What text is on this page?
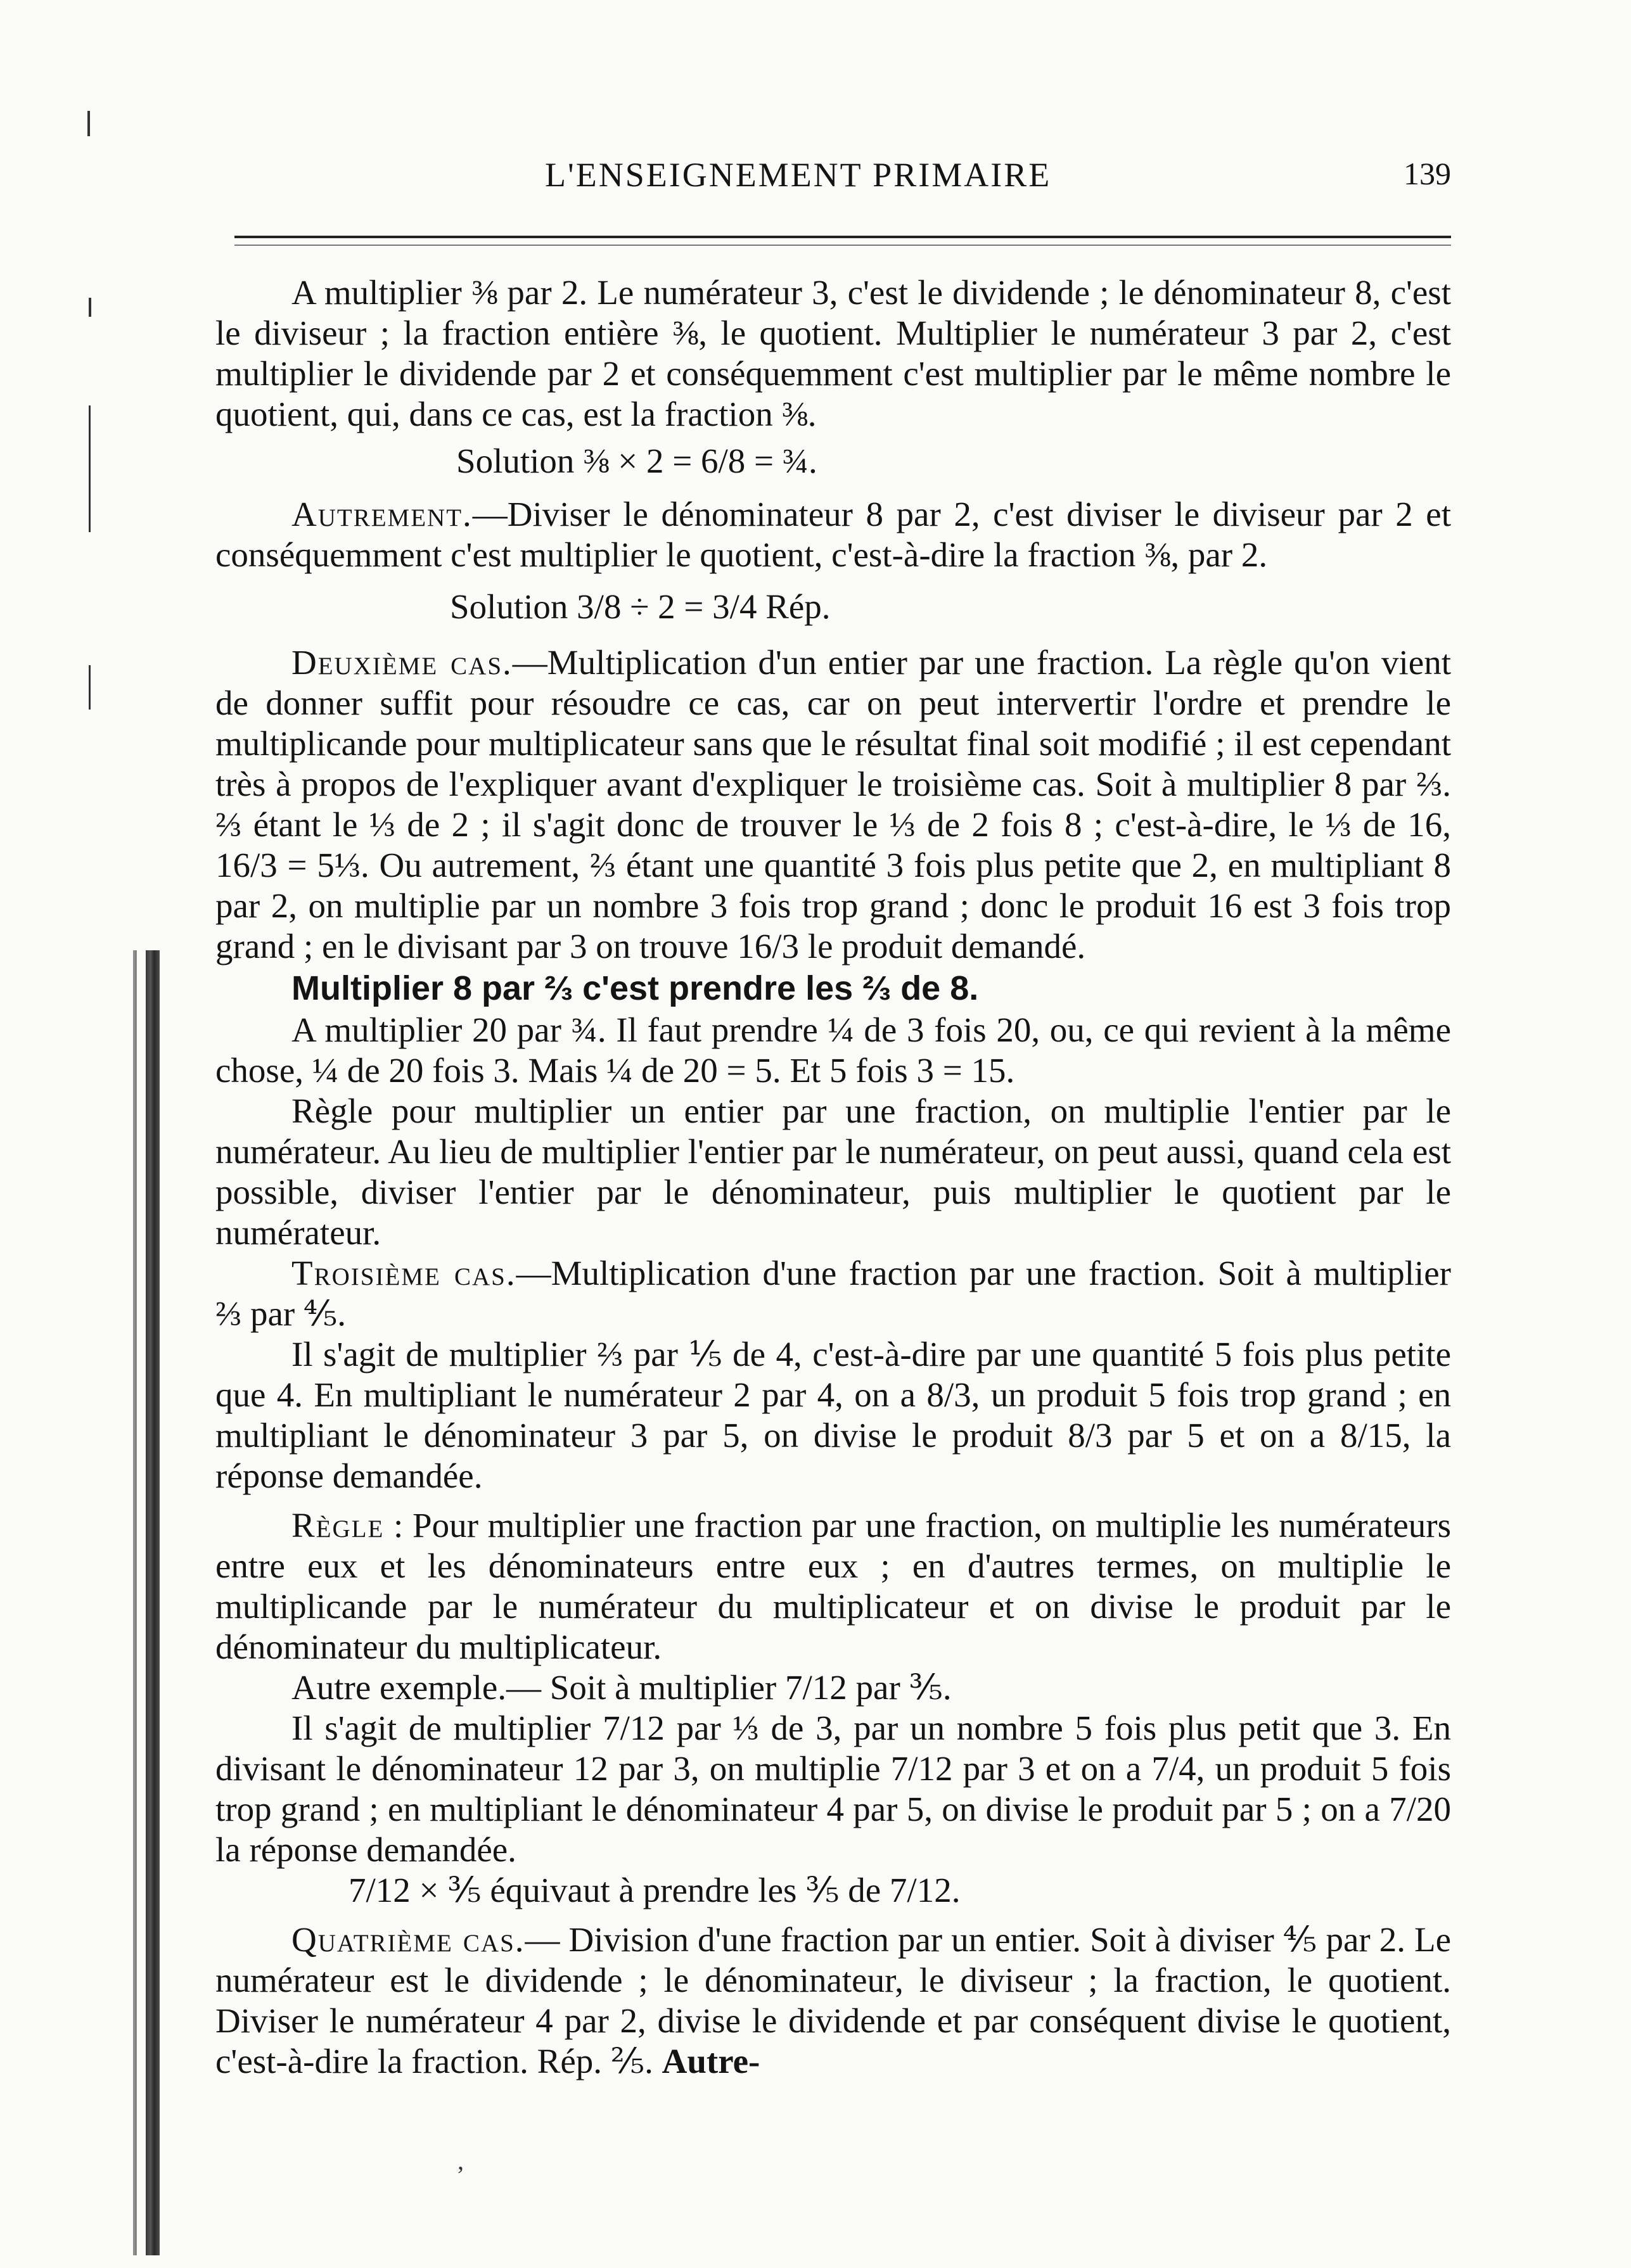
L'ENSEIGNEMENT PRIMAIRE	139

A multiplier ⅜ par 2. Le numérateur 3, c'est le dividende ; le dénominateur 8, c'est le diviseur ; la fraction entière ⅜, le quotient. Multiplier le numérateur 3 par 2, c'est multiplier le dividende par 2 et conséquemment c'est multiplier par le même nombre le quotient, qui, dans ce cas, est la fraction ⅜.

Solution ⅜ × 2 = 6/8 = ¾.

Autrement.—Diviser le dénominateur 8 par 2, c'est diviser le diviseur par 2 et conséquemment c'est multiplier le quotient, c'est-à-dire la fraction ⅜, par 2.

Solution 3/8 ÷ 2 = 3/4 Rép.

Deuxième cas.—Multiplication d'un entier par une fraction. La règle qu'on vient de donner suffit pour résoudre ce cas, car on peut intervertir l'ordre et prendre le multiplicande pour multiplicateur sans que le résultat final soit modifié ; il est cependant très à propos de l'expliquer avant d'expliquer le troisième cas. Soit à multiplier 8 par ⅔. ⅔ étant le ⅓ de 2 ; il s'agit donc de trouver le ⅓ de 2 fois 8 ; c'est-à-dire, le ⅓ de 16, 16/3 = 5⅓. Ou autrement, ⅔ étant une quantité 3 fois plus petite que 2, en multipliant 8 par 2, on multiplie par un nombre 3 fois trop grand ; donc le produit 16 est 3 fois trop grand ; en le divisant par 3 on trouve 16/3 le produit demandé.

Multiplier 8 par ⅔ c'est prendre les ⅔ de 8.

A multiplier 20 par ¾. Il faut prendre ¼ de 3 fois 20, ou, ce qui revient à la même chose, ¼ de 20 fois 3. Mais ¼ de 20 = 5. Et 5 fois 3 = 15.

Règle pour multiplier un entier par une fraction, on multiplie l'entier par le numérateur. Au lieu de multiplier l'entier par le numérateur, on peut aussi, quand cela est possible, diviser l'entier par le dénominateur, puis multiplier le quotient par le numérateur.

Troisième cas.—Multiplication d'une fraction par une fraction. Soit à multiplier ⅔ par ⅘.

Il s'agit de multiplier ⅔ par ⅕ de 4, c'est-à-dire par une quantité 5 fois plus petite que 4. En multipliant le numérateur 2 par 4, on a 8/3, un produit 5 fois trop grand ; en multipliant le dénominateur 3 par 5, on divise le produit 8/3 par 5 et on a 8/15, la réponse demandée.

Règle : Pour multiplier une fraction par une fraction, on multiplie les numérateurs entre eux et les dénominateurs entre eux ; en d'autres termes, on multiplie le multiplicande par le numérateur du multiplicateur et on divise le produit par le dénominateur du multiplicateur.

Autre exemple.— Soit à multiplier 7/12 par ⅗.

Il s'agit de multiplier 7/12 par ⅓ de 3, par un nombre 5 fois plus petit que 3. En divisant le dénominateur 12 par 3, on multiplie 7/12 par 3 et on a 7/4, un produit 5 fois trop grand ; en multipliant le dénominateur 4 par 5, on divise le produit par 5 ; on a 7/20 la réponse demandée.

7/12 × ⅗ équivaut à prendre les ⅗ de 7/12.

Quatrième cas.— Division d'une fraction par un entier. Soit à diviser ⅘ par 2. Le numérateur est le dividende ; le dénominateur, le diviseur ; la fraction, le quotient. Diviser le numérateur 4 par 2, divise le dividende et par conséquent divise le quotient, c'est-à-dire la fraction. Rép. ⅖. Autre-

ʼ
